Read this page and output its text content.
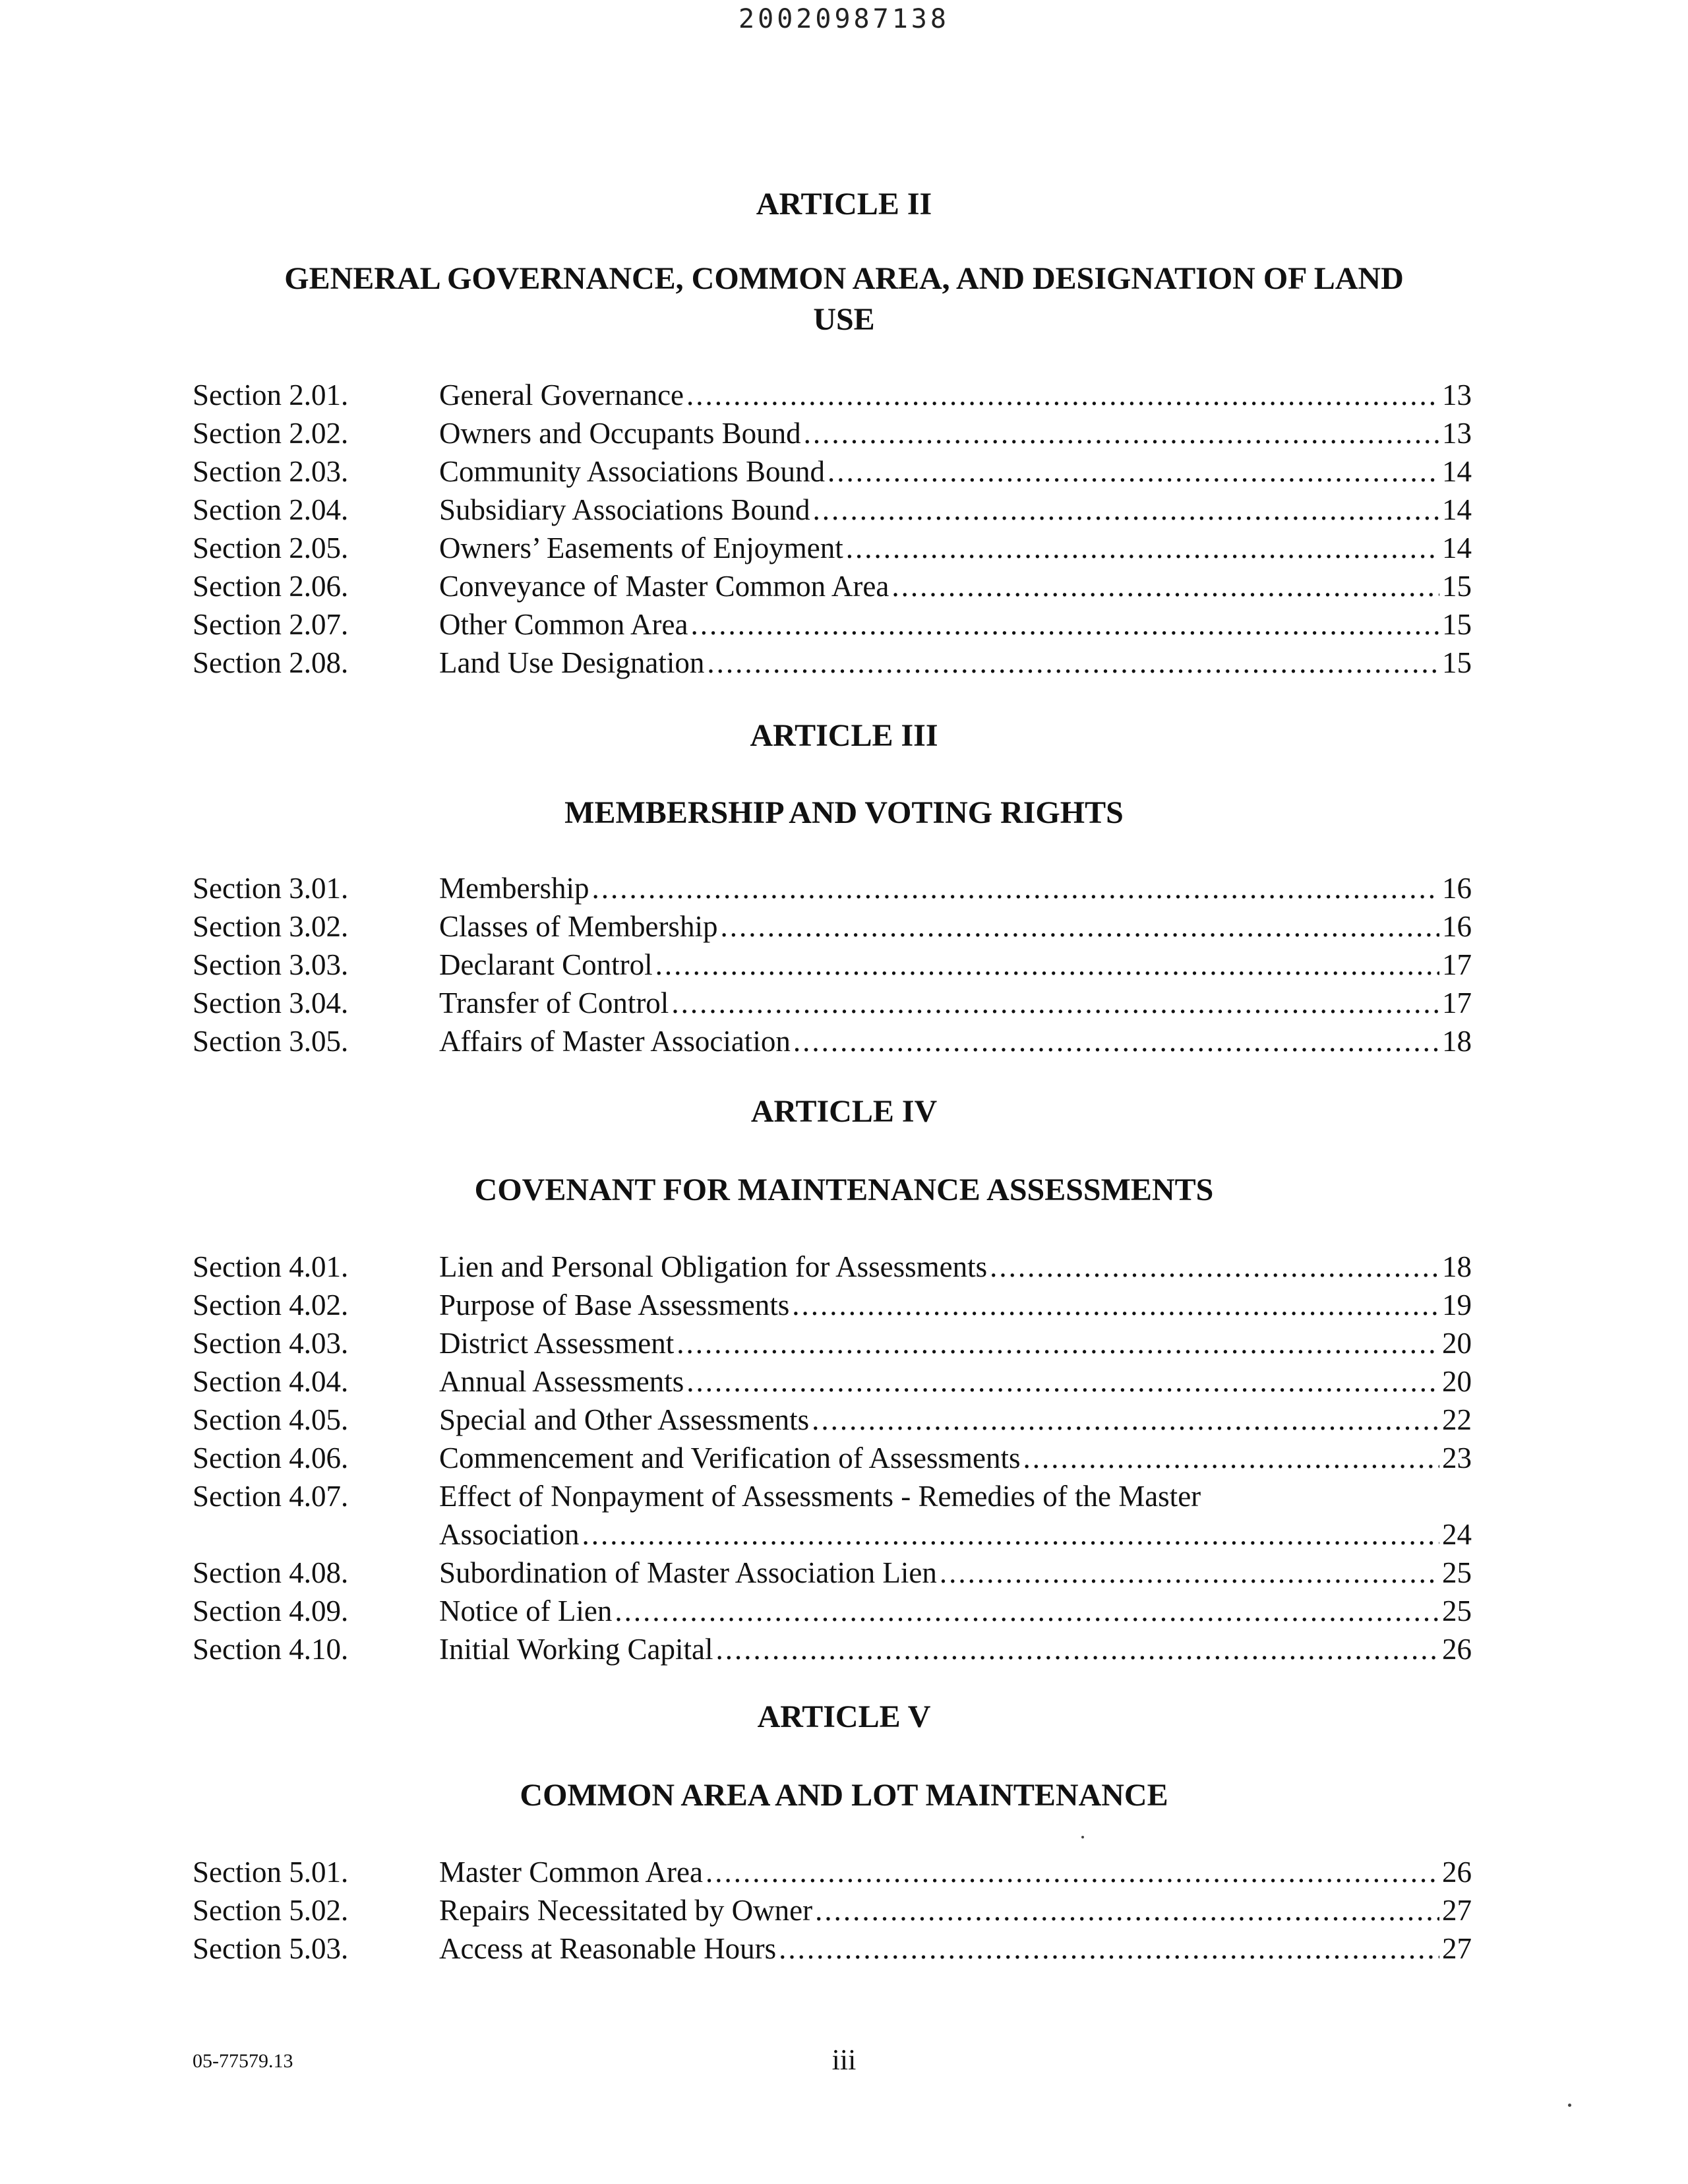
20020987138
ARTICLE II
GENERAL GOVERNANCE, COMMON AREA, AND DESIGNATION OF LAND
USE
Section 2.01.	General Governance .....	13
Section 2.02.	Owners and Occupants Bound .....	13
Section 2.03.	Community Associations Bound .....	14
Section 2.04.	Subsidiary Associations Bound .....	14
Section 2.05.	Owners’ Easements of Enjoyment .....	14
Section 2.06.	Conveyance of Master Common Area .....	15
Section 2.07.	Other Common Area .....	15
Section 2.08.	Land Use Designation .....	15
ARTICLE III
MEMBERSHIP AND VOTING RIGHTS
Section 3.01.	Membership .....	16
Section 3.02.	Classes of Membership .....	16
Section 3.03.	Declarant Control .....	17
Section 3.04.	Transfer of Control .....	17
Section 3.05.	Affairs of Master Association .....	18
ARTICLE IV
COVENANT FOR MAINTENANCE ASSESSMENTS
Section 4.01.	Lien and Personal Obligation for Assessments .....	18
Section 4.02.	Purpose of Base Assessments .....	19
Section 4.03.	District Assessment .....	20
Section 4.04.	Annual Assessments .....	20
Section 4.05.	Special and Other Assessments .....	22
Section 4.06.	Commencement and Verification of Assessments .....	23
Section 4.07.	Effect of Nonpayment of Assessments - Remedies of the Master
Association .....	24
Section 4.08.	Subordination of Master Association Lien .....	25
Section 4.09.	Notice of Lien .....	25
Section 4.10.	Initial Working Capital .....	26
ARTICLE V
COMMON AREA AND LOT MAINTENANCE
Section 5.01.	Master Common Area .....	26
Section 5.02.	Repairs Necessitated by Owner .....	27
Section 5.03.	Access at Reasonable Hours .....	27
05-77579.13	iii
